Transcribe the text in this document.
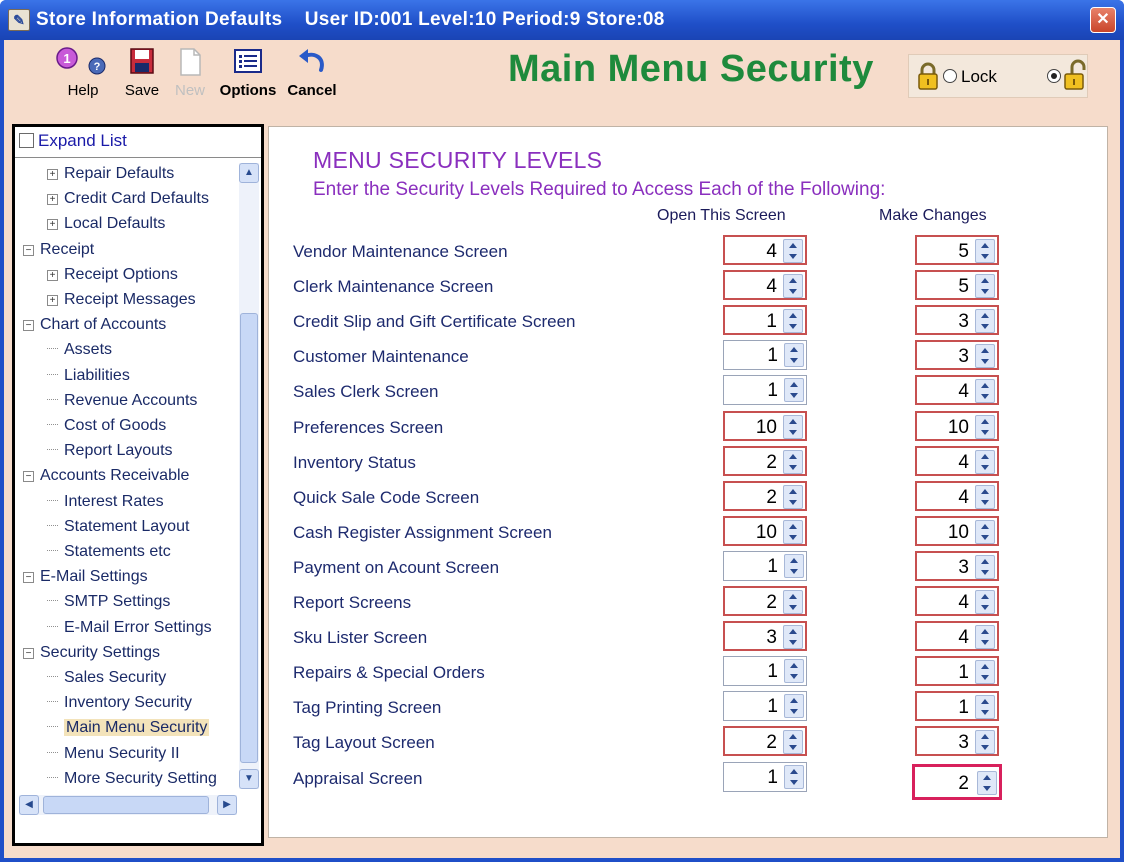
✎ Store Information Defaults User ID:001 Level:10 Period:9 Store:08	✕
1
?
Help	Save	New Options Cancel
Main Menu Security	Lock
Expand List
+ Repair Defaults
+ Credit Card Defaults
+ Local Defaults
− Receipt
+ Receipt Options
+ Receipt Messages
− Chart of Accounts
Assets
Liabilities
Revenue Accounts
Cost of Goods
Report Layouts
− Accounts Receivable
Interest Rates
Statement Layout
Statements etc
− E-Mail Settings
SMTP Settings
E-Mail Error Settings
− Security Settings
Sales Security
Inventory Security
Main Menu Security
Menu Security II
More Security Setting
▲
▼
◀	▶
MENU SECURITY LEVELS
Enter the Security Levels Required to Access Each of the Following:
Open This Screen	Make Changes
Vendor Maintenance Screen	4	5
Clerk Maintenance Screen	4	5
Credit Slip and Gift Certificate Screen	1	3
Customer Maintenance	1	3
Sales Clerk Screen	1	4
Preferences Screen	10	10
Inventory Status	2	4
Quick Sale Code Screen	2	4
Cash Register Assignment Screen	10	10
Payment on Acount Screen	1	3
Report Screens	2	4
Sku Lister Screen	3	4
Repairs & Special Orders	1	1
Tag Printing Screen	1	1
Tag Layout Screen	2	3
Appraisal Screen	1	2
